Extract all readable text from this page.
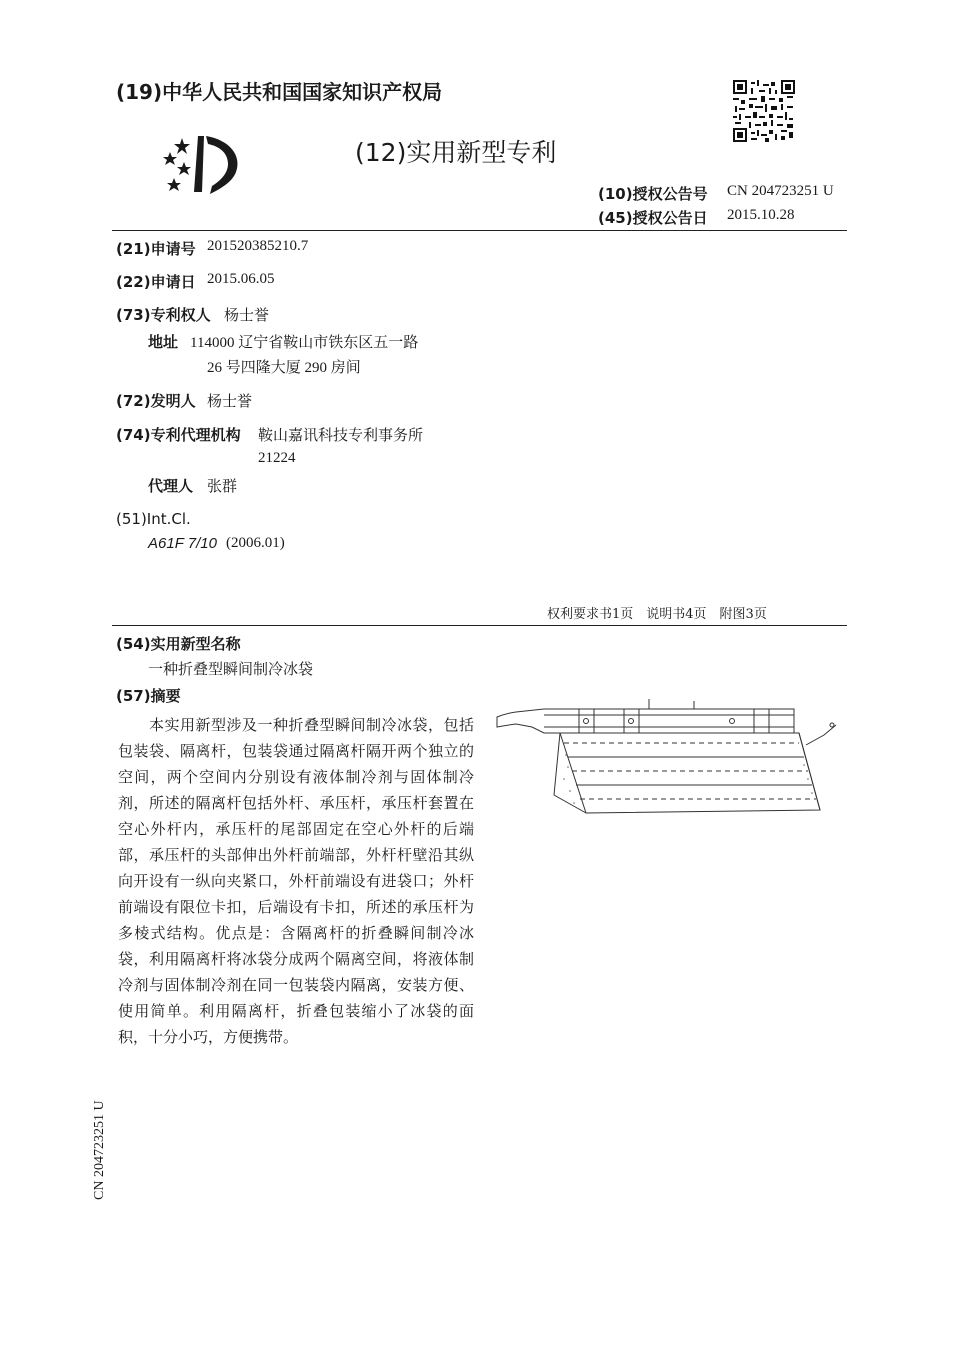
(19)中华人民共和国国家知识产权局
(12)实用新型专利
(10)授权公告号 CN 204723251 U
(45)授权公告日 2015.10.28
(21)申请号 201520385210.7
(22)申请日 2015.06.05
(73)专利权人 杨士誉
地址 114000 辽宁省鞍山市铁东区五一路
26 号四隆大厦 290 房间
(72)发明人 杨士誉
(74)专利代理机构 鞍山嘉讯科技专利事务所
21224
代理人 张群
(51)Int.Cl.
A61F 7/10 (2006.01)
权利要求书1页　说明书4页　附图3页
(54)实用新型名称
一种折叠型瞬间制冷冰袋
(57)摘要
本实用新型涉及一种折叠型瞬间制冷冰袋，包括包装袋、隔离杆，包装袋通过隔离杆隔开两个独立的空间，两个空间内分别设有液体制冷剂与固体制冷剂，所述的隔离杆包括外杆、承压杆，承压杆套置在空心外杆内，承压杆的尾部固定在空心外杆的后端部，承压杆的头部伸出外杆前端部，外杆杆壁沿其纵向开设有一纵向夹紧口，外杆前端设有进袋口；外杆前端设有限位卡扣，后端设有卡扣，所述的承压杆为多棱式结构。优点是：含隔离杆的折叠瞬间制冷冰袋，利用隔离杆将冰袋分成两个隔离空间，将液体制冷剂与固体制冷剂在同一包装袋内隔离，安装方便、使用简单。利用隔离杆，折叠包装缩小了冰袋的面积，十分小巧，方便携带。
CN 204723251 U
